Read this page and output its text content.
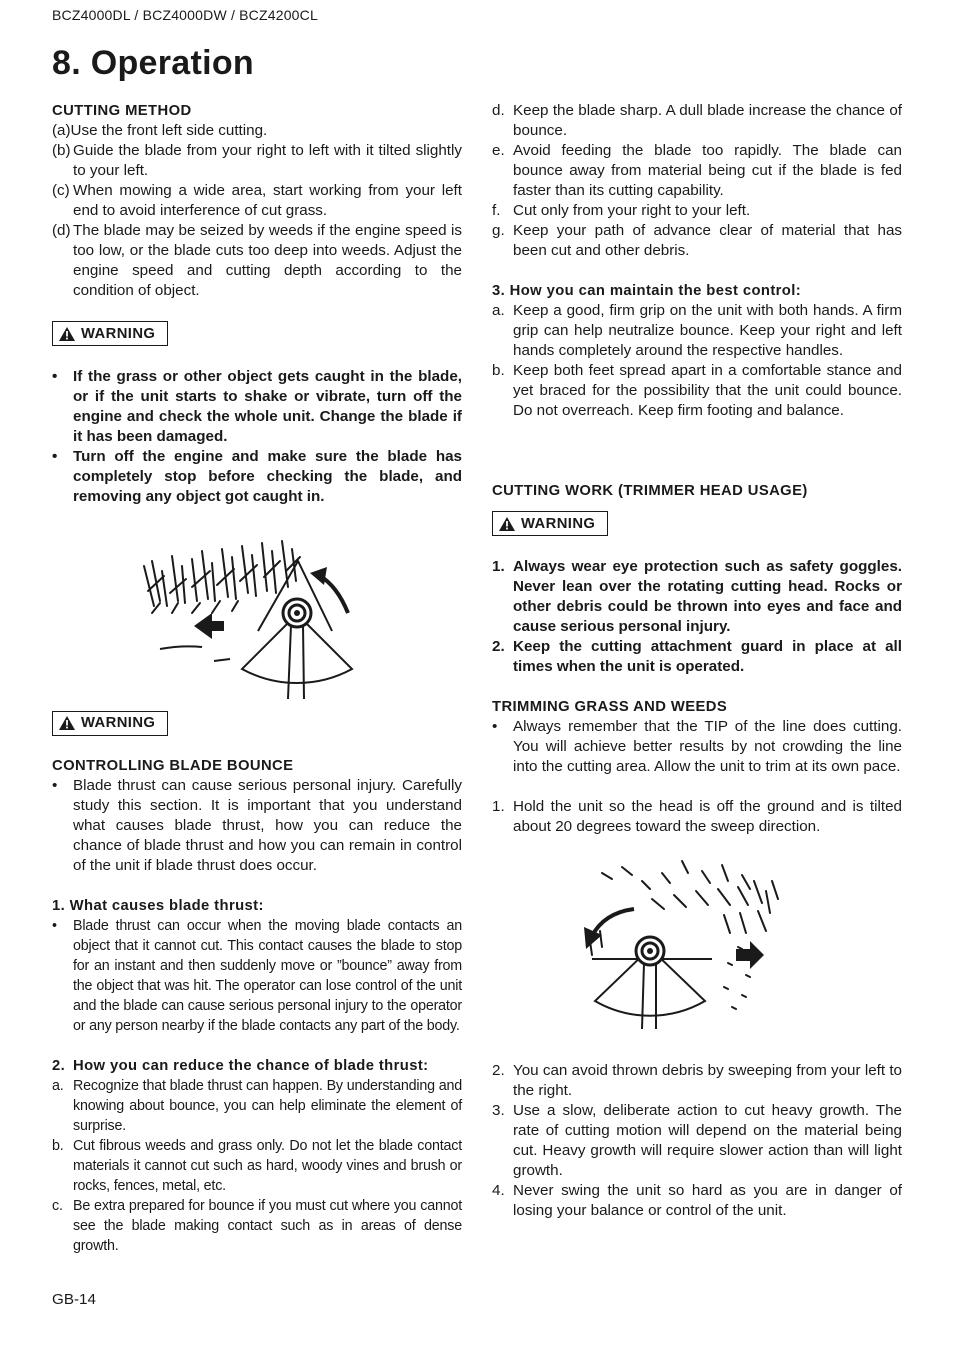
BCZ4000DL / BCZ4000DW / BCZ4200CL
8. Operation
CUTTING METHOD
(a)Use the front left side cutting.
(b) Guide the blade from your right to left with it tilted slightly to your left.
(c) When mowing a wide area, start working from your left end to avoid interference of cut grass.
(d) The blade may be seized by weeds if the engine speed is too low, or the blade cuts too deep into weeds. Adjust the engine speed and cutting depth according to the condition of object.
WARNING
•	If the grass or other object gets caught in the blade, or if the unit starts to shake or vibrate, turn off the engine and check the whole unit. Change the blade if it has been damaged.
•	Turn off the engine and make sure the blade has completely stop before checking the blade, and removing any object got caught in.
WARNING
CONTROLLING BLADE BOUNCE
•	Blade thrust can cause serious personal injury. Carefully study this section. It is important that you understand what causes blade thrust, how you can reduce the chance of blade thrust and how you can remain in control of the unit if blade thrust does occur.
1. What causes blade thrust:
•	Blade thrust can occur when the moving blade contacts an object that it cannot cut. This contact causes the blade to stop for an instant and then suddenly move or ”bounce” away from the object that was hit. The operator can lose control of the unit and the blade can cause serious personal injury to the operator or any person nearby if the blade contacts any part of the body.
2. How you can reduce the chance of blade thrust:
a. Recognize that blade thrust can happen. By understanding and knowing about bounce, you can help eliminate the element of surprise.
b. Cut fibrous weeds and grass only. Do not let the blade contact materials it cannot cut such as hard, woody vines and brush or rocks, fences, metal, etc.
c. Be extra prepared for bounce if you must cut where you cannot see the blade making contact such as in areas of dense growth.
d. Keep the blade sharp. A dull blade increase the chance of bounce.
e. Avoid feeding the blade too rapidly. The blade can bounce away from material being cut if the blade is fed faster than its cutting capability.
f. Cut only from your right to your left.
g. Keep your path of advance clear of material that has been cut and other debris.
3. How you can maintain the best control:
a. Keep a good, firm grip on the unit with both hands. A firm grip can help neutralize bounce. Keep your right and left hands completely around the respective handles.
b. Keep both feet spread apart in a comfortable stance and yet braced for the possibility that the unit could bounce. Do not overreach. Keep firm footing and balance.
CUTTING WORK (TRIMMER HEAD USAGE)
WARNING
1. Always wear eye protection such as safety goggles. Never lean over the rotating cutting head. Rocks or other debris could be thrown into eyes and face and cause serious personal injury.
2. Keep the cutting attachment guard in place at all times when the unit is operated.
TRIMMING GRASS AND WEEDS
•	Always remember that the TIP of the line does cutting. You will achieve better results by not crowding the line into the cutting area. Allow the unit to trim at its own pace.
1. Hold the unit so the head is off the ground and is tilted about 20 degrees toward the sweep direction.
2. You can avoid thrown debris by sweeping from your left to the right.
3. Use a slow, deliberate action to cut heavy growth. The rate of cutting motion will depend on the material being cut. Heavy growth will require slower action than will light growth.
4. Never swing the unit so hard as you are in danger of losing your balance or control of the unit.
GB-14
